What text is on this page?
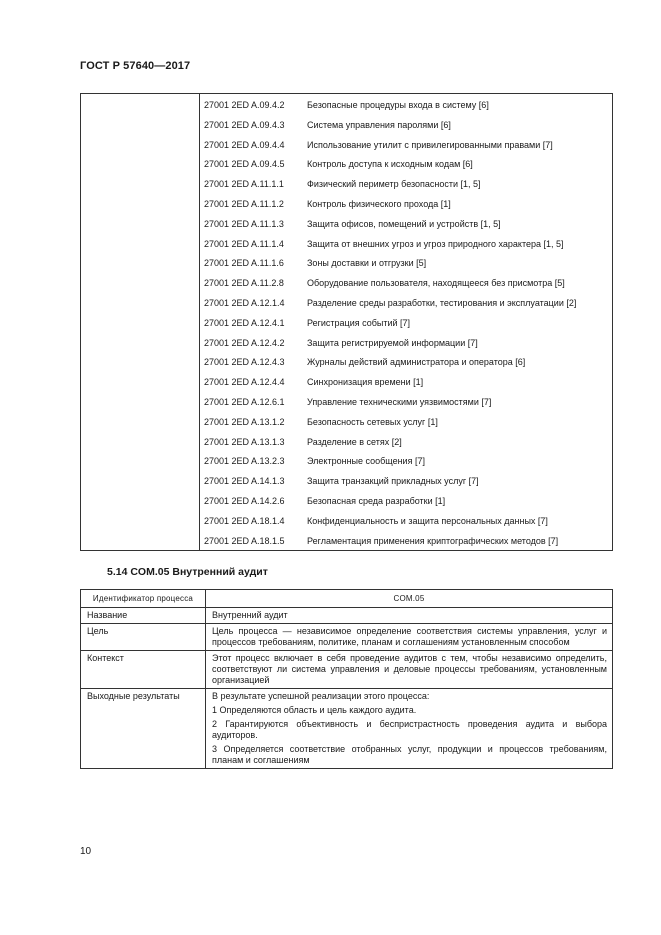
ГОСТ Р 57640—2017
27001 2ED A.09.4.2	Безопасные процедуры входа в систему [6]
27001 2ED A.09.4.3	Система управления паролями [6]
27001 2ED A.09.4.4	Использование утилит с привилегированными правами [7]
27001 2ED A.09.4.5	Контроль доступа к исходным кодам [6]
27001 2ED A.11.1.1	Физический периметр безопасности [1, 5]
27001 2ED A.11.1.2	Контроль физического прохода [1]
27001 2ED A.11.1.3	Защита офисов, помещений и устройств [1, 5]
27001 2ED A.11.1.4	Защита от внешних угроз и угроз природного характера [1, 5]
27001 2ED A.11.1.6	Зоны доставки и отгрузки [5]
27001 2ED A.11.2.8	Оборудование пользователя, находящееся без присмотра [5]
27001 2ED A.12.1.4	Разделение среды разработки, тестирования и эксплуатации [2]
27001 2ED A.12.4.1	Регистрация событий [7]
27001 2ED A.12.4.2	Защита регистрируемой информации [7]
27001 2ED A.12.4.3	Журналы действий администратора и оператора [6]
27001 2ED A.12.4.4	Синхронизация времени [1]
27001 2ED A.12.6.1	Управление техническими уязвимостями [7]
27001 2ED A.13.1.2	Безопасность сетевых услуг [1]
27001 2ED A.13.1.3	Разделение в сетях [2]
27001 2ED A.13.2.3	Электронные сообщения [7]
27001 2ED A.14.1.3	Защита транзакций прикладных услуг [7]
27001 2ED A.14.2.6	Безопасная среда разработки [1]
27001 2ED A.18.1.4	Конфиденциальность и защита персональных данных [7]
27001 2ED A.18.1.5	Регламентация применения криптографических методов [7]
5.14 COM.05 Внутренний аудит
Идентификатор процесса	COM.05
Название	Внутренний аудит
Цель	Цель процесса — независимое определение соответствия системы управления, услуг и процессов требованиям, политике, планам и соглашениям установленным способом
Контекст	Этот процесс включает в себя проведение аудитов с тем, чтобы независимо определить, соответствуют ли система управления и деловые процессы требованиям, установленным организацией
Выходные результаты	В результате успешной реализации этого процесса:

1 Определяются область и цель каждого аудита.

2 Гарантируются объективность и беспристрастность проведения аудита и выбора аудиторов.

3 Определяется соответствие отобранных услуг, продукции и процессов требованиям, планам и соглашениям

10
